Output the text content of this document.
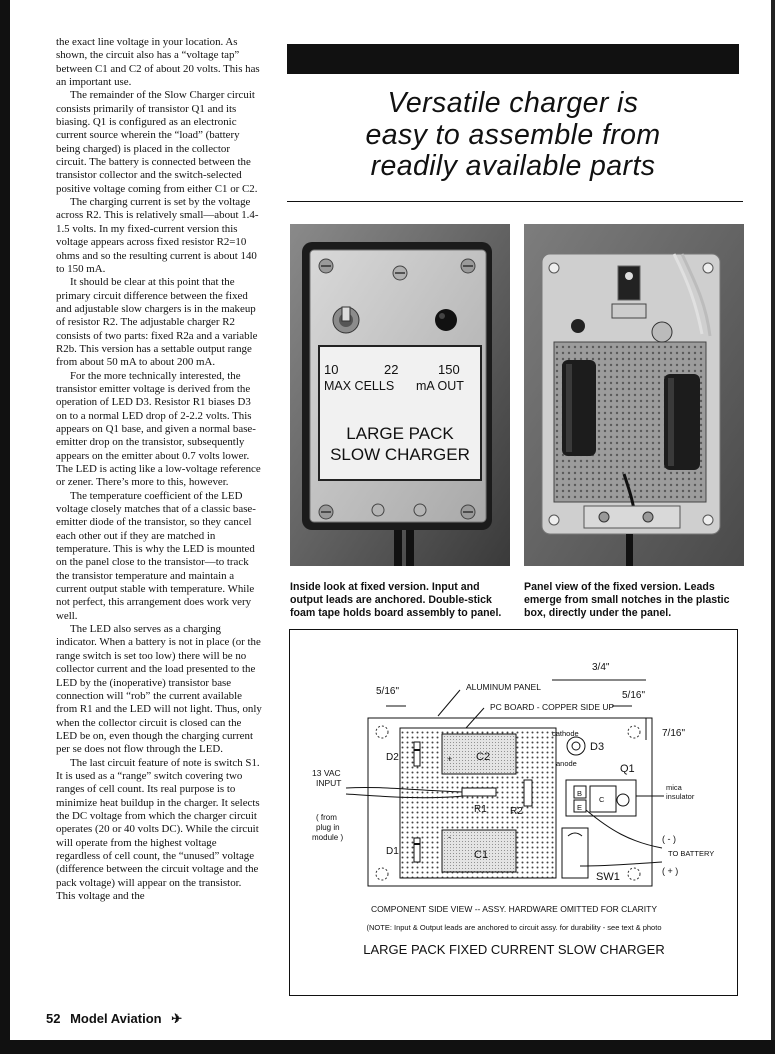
the exact line voltage in your location. As shown, the circuit also has a “voltage tap” between C1 and C2 of about 20 volts. This has an important use.

The remainder of the Slow Charger circuit consists primarily of transistor Q1 and its biasing. Q1 is configured as an electronic current source wherein the “load” (battery being charged) is placed in the collector circuit. The battery is connected between the transistor collector and the switch-selected positive voltage coming from either C1 or C2.

The charging current is set by the voltage across R2. This is relatively small—about 1.4-1.5 volts. In my fixed-current version this voltage appears across fixed resistor R2=10 ohms and so the resulting current is about 140 to 150 mA.

It should be clear at this point that the primary circuit difference between the fixed and adjustable slow chargers is in the makeup of resistor R2. The adjustable charger R2 consists of two parts: fixed R2a and a variable R2b. This version has a settable output range from about 50 mA to about 200 mA.

For the more technically interested, the transistor emitter voltage is derived from the operation of LED D3. Resistor R1 biases D3 on to a normal LED drop of 2-2.2 volts. This appears on Q1 base, and given a normal base-emitter drop on the transistor, subsequently appears on the emitter about 0.7 volts lower. The LED is acting like a low-voltage reference or zener. There’s more to this, however.

The temperature coefficient of the LED voltage closely matches that of a classic base-emitter diode of the transistor, so they cancel each other out if they are matched in temperature. This is why the LED is mounted on the panel close to the transistor—to track the transistor temperature and maintain a current output stable with temperature. While not perfect, this arrangement does work very well.

The LED also serves as a charging indicator. When a battery is not in place (or the range switch is set too low) there will be no collector current and the load presented to the LED by the (inoperative) transistor base connection will “rob” the current available from R1 and the LED will not light. Thus, only when the collector circuit is closed can the LED be on, even though the charging current per se does not flow through the LED.

The last circuit feature of note is switch S1. It is used as a “range” switch covering two ranges of cell count. Its real purpose is to minimize heat buildup in the charger. It selects the DC voltage from which the charger circuit operates (20 or 40 volts DC). While the circuit will operate from the highest voltage regardless of cell count, the “unused” voltage (difference between the circuit voltage and the pack voltage) will appear on the transistor. This voltage and the

Versatile charger is
easy to assemble from
readily available parts
10	22	150
MAX CELLS mA OUT
LARGE PACK
SLOW CHARGER
Inside look at fixed version. Input and output leads are anchored. Double-stick foam tape holds board assembly to panel.
Panel view of the fixed version. Leads emerge from small notches in the plastic box, directly under the panel.
3/4"
5/16"	5/16"
7/16"
ALUMINUM PANEL
PC BOARD - COPPER SIDE UP
C2
+
C1
-
D2
D1
R1 R2
cathode
D3
anode
B
E
C
Q1
mica
insulator
SW1
13 VAC
INPUT
( from
plug in
module )	( - )
TO BATTERY
( + )
COMPONENT SIDE VIEW -- ASSY. HARDWARE OMITTED FOR CLARITY
(NOTE: Input & Output leads are anchored to circuit assy. for durability - see text & photo
LARGE PACK FIXED CURRENT SLOW CHARGER
52 Model Aviation ✈
